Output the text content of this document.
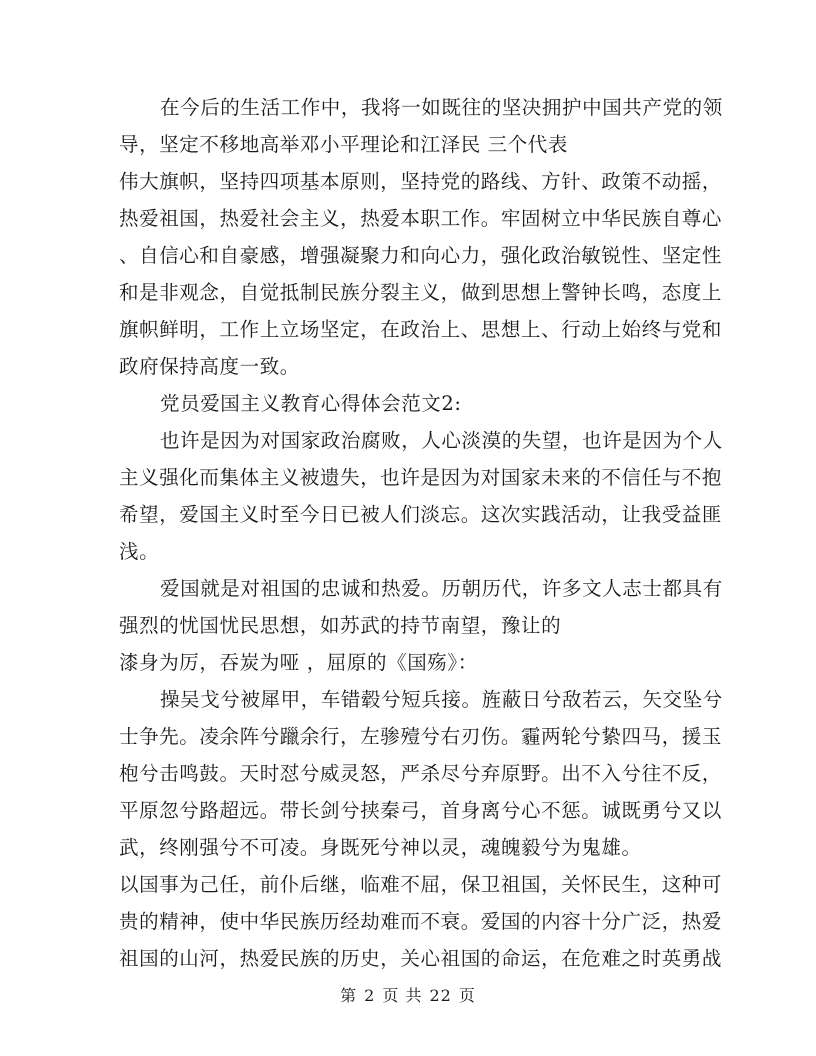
在今后的生活工作中，我将一如既往的坚决拥护中国共产党的领
导，坚定不移地高举邓小平理论和江泽民 三个代表
伟大旗帜，坚持四项基本原则，坚持党的路线、方针、政策不动摇，
热爱祖国，热爱社会主义，热爱本职工作。牢固树立中华民族自尊心
、自信心和自豪感，增强凝聚力和向心力，强化政治敏锐性、坚定性
和是非观念，自觉抵制民族分裂主义，做到思想上警钟长鸣，态度上
旗帜鲜明，工作上立场坚定，在政治上、思想上、行动上始终与党和
政府保持高度一致。
党员爱国主义教育心得体会范文2:
也许是因为对国家政治腐败，人心淡漠的失望，也许是因为个人
主义强化而集体主义被遗失，也许是因为对国家未来的不信任与不抱
希望，爱国主义时至今日已被人们淡忘。这次实践活动，让我受益匪
浅。
爱国就是对祖国的忠诚和热爱。历朝历代，许多文人志士都具有
强烈的忧国忧民思想，如苏武的持节南望，豫让的
漆身为厉，吞炭为哑 ，屈原的《国殇》：
操吴戈兮被犀甲，车错毂兮短兵接。旌蔽日兮敌若云，矢交坠兮
士争先。凌余阵兮躐余行，左骖殪兮右刃伤。霾两轮兮絷四马，援玉
枹兮击鸣鼓。天时怼兮威灵怒，严杀尽兮弃原野。出不入兮往不反，
平原忽兮路超远。带长剑兮挟秦弓，首身离兮心不惩。诚既勇兮又以
武，终刚强兮不可凌。身既死兮神以灵，魂魄毅兮为鬼雄。
以国事为己任，前仆后继，临难不屈，保卫祖国，关怀民生，这种可
贵的精神，使中华民族历经劫难而不衰。爱国的内容十分广泛，热爱
祖国的山河，热爱民族的历史，关心祖国的命运，在危难之时英勇战
第 2 页 共 22 页
